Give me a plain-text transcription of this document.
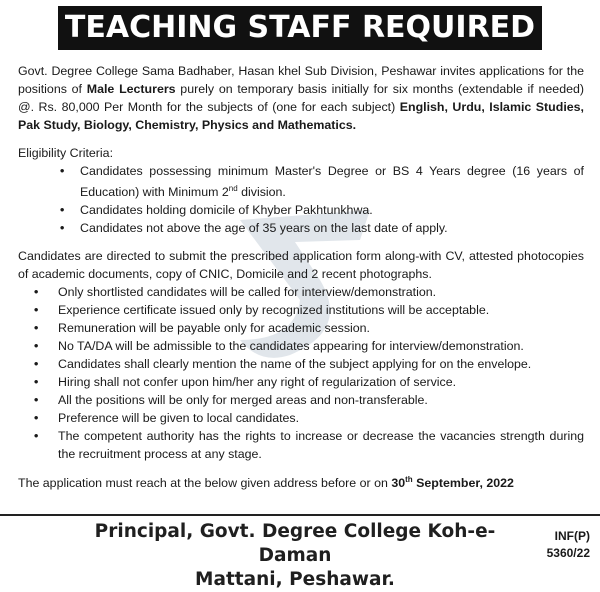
TEACHING STAFF REQUIRED

Govt. Degree College Sama Badhaber, Hasan khel Sub Division, Peshawar invites applications for the positions of Male Lecturers purely on temporary basis initially for six months (extendable if needed) @. Rs. 80,000 Per Month for the subjects of (one for each subject) English, Urdu, Islamic Studies, Pak Study, Biology, Chemistry, Physics and Mathematics.

Eligibility Criteria:

• Candidates possessing minimum Master's Degree or BS 4 Years degree (16 years of Education) with Minimum 2nd division.
• Candidates holding domicile of Khyber Pakhtunkhwa.
• Candidates not above the age of 35 years on the last date of apply.

Candidates are directed to submit the prescribed application form along-with CV, attested photocopies of academic documents, copy of CNIC, Domicile and 2 recent photographs.

• Only shortlisted candidates will be called for interview/demonstration.
• Experience certificate issued only by recognized institutions will be acceptable.
• Remuneration will be payable only for academic session.
• No TA/DA will be admissible to the candidates appearing for interview/demonstration.
• Candidates shall clearly mention the name of the subject applying for on the envelope.
• Hiring shall not confer upon him/her any right of regularization of service.
• All the positions will be only for merged areas and non-transferable.
• Preference will be given to local candidates.
• The competent authority has the rights to increase or decrease the vacancies strength during the recruitment process at any stage.

The application must reach at the below given address before or on 30th September, 2022

Principal, Govt. Degree College Koh-e-Daman
Mattani, Peshawar.
INF(P)
5360/22
